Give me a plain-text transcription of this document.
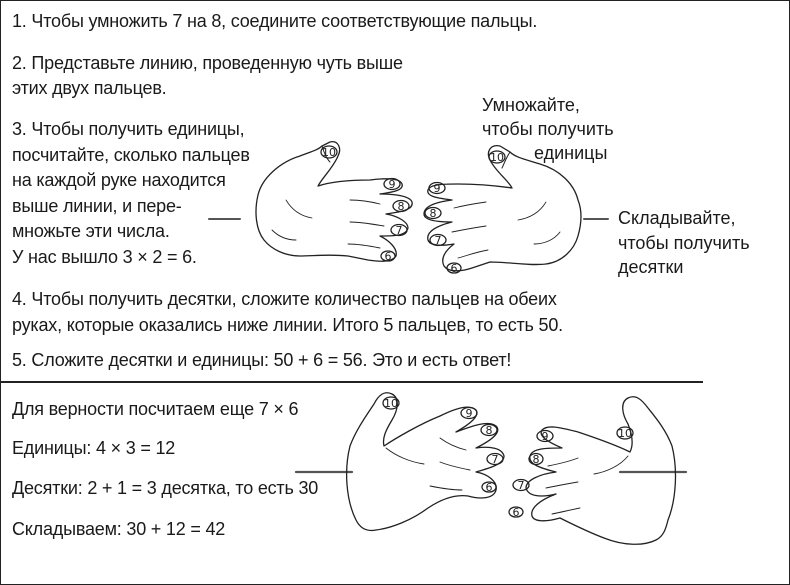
1. Чтобы умножить 7 на 8, соедините соответствующие пальцы.
2. Представьте линию, проведенную чуть выше
этих двух пальцев.
3. Чтобы получить единицы,
посчитайте, сколько пальцев
на каждой руке находится
выше линии, и пере-
множьте эти числа.
У нас вышло 3 × 2 = 6.
4. Чтобы получить десятки, сложите количество пальцев на обеих
руках, которые оказались ниже линии. Итого 5 пальцев, то есть 50.
5. Сложите десятки и единицы: 50 + 6 = 56. Это и есть ответ!
Умножайте,
чтобы получить
единицы
Складывайте,
чтобы получить
десятки
Для верности посчитаем еще 7 × 6
Единицы: 4 × 3 = 12
Десятки: 2 + 1 = 3 десятка, то есть 30
Складываем: 30 + 12 = 42
10
9
8
7
6
10
9
8
7
6
10
9
8
7
6
10
9
8
7
6
